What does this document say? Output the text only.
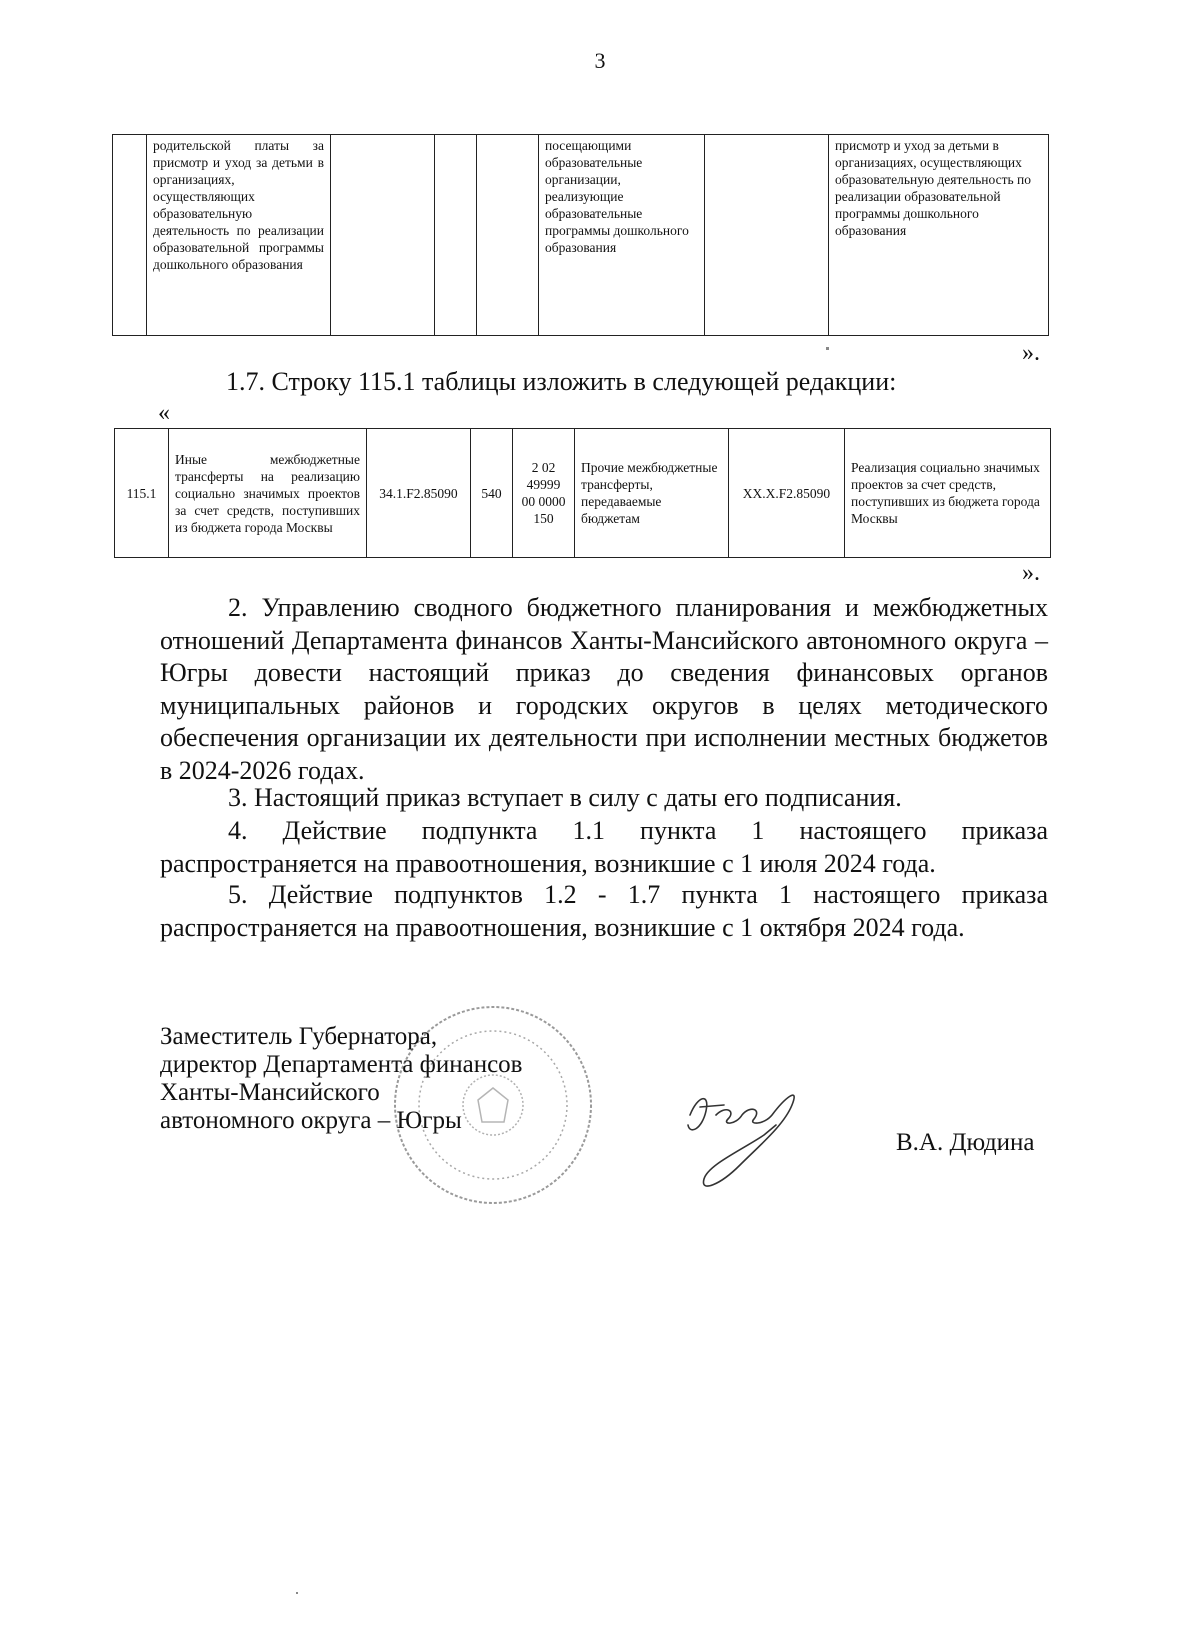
3
	родительской платы за присмотр и уход за детьми в организациях, осуществляющих образовательную деятельность по реализации образовательной программы дошкольного образования				посещающими образовательные организации, реализующие образовательные программы дошкольного образования		присмотр и уход за детьми в организациях, осуществляющих образовательную деятельность по реализации образовательной программы дошкольного образования
».
1.7. Строку 115.1 таблицы изложить в следующей редакции:
«
115.1	Иные межбюджетные трансферты на реализацию социально значимых проектов за счет средств, поступивших из бюджета города Москвы	34.1.F2.85090	540	2 02 49999 00 0000 150	Прочие межбюджетные трансферты, передаваемые бюджетам	ХХ.Х.F2.85090	Реализация социально значимых проектов за счет средств, поступивших из бюджета города Москвы
».

2. Управлению сводного бюджетного планирования и межбюджетных отношений Департамента финансов Ханты-Мансийского автономного округа – Югры довести настоящий приказ до сведения финансовых органов муниципальных районов и городских округов в целях методического обеспечения организации их деятельности при исполнении местных бюджетов в 2024-2026 годах.

3. Настоящий приказ вступает в силу с даты его подписания.

4. Действие подпункта 1.1 пункта 1 настоящего приказа распространяется на правоотношения, возникшие с 1 июля 2024 года.

5. Действие подпунктов 1.2 - 1.7 пункта 1 настоящего приказа распространяется на правоотношения, возникшие с 1 октября 2024 года.

Заместитель Губернатора,
директор Департамента финансов
Ханты-Мансийского
автономного округа – Югры
В.А. Дюдина
